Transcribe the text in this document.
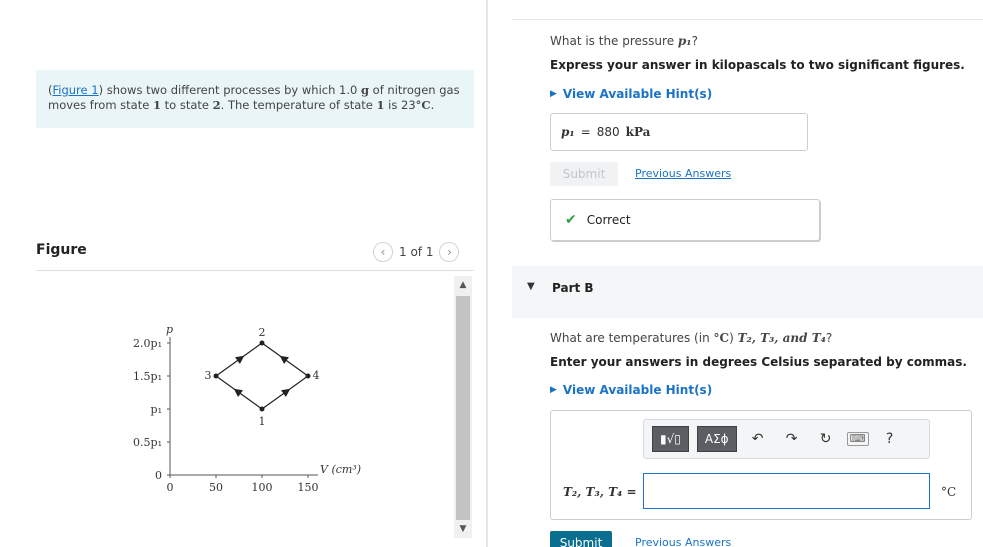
(Figure 1) shows two different processes by which 1.0 g of nitrogen gas moves from state 1 to state 2. The temperature of state 1 is 23°C.
Figure	‹	1 of 1	›
p
V (cm³)
0	50	100 150
0
0.5p₁
p₁
1.5p₁
2.0p₁
1
2
3	4
▲
▼
What is the pressure p₁?
Express your answer in kilopascals to two significant figures.
▶ View Available Hint(s)
p₁ = 880 kPa
Submit	Previous Answers
✔ Correct
▼ Part B
What are temperatures (in °C) T₂, T₃, and T₄?
Enter your answers in degrees Celsius separated by commas.
▶ View Available Hint(s)
▮√▯	ΑΣϕ	↶	↷	↻	⌨	?
T₂, T₃, T₄ =	°C
Submit	Previous Answers
